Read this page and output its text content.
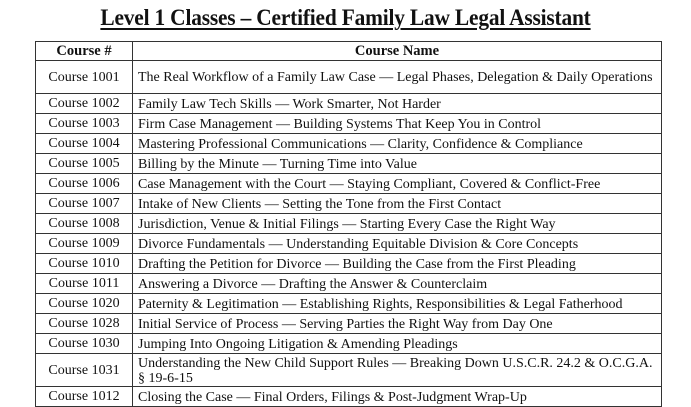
Level 1 Classes – Certified Family Law Legal Assistant
Course #	Course Name
Course 1001	The Real Workflow of a Family Law Case — Legal Phases, Delegation & Daily Operations
Course 1002	Family Law Tech Skills — Work Smarter, Not Harder
Course 1003	Firm Case Management — Building Systems That Keep You in Control
Course 1004	Mastering Professional Communications — Clarity, Confidence & Compliance
Course 1005	Billing by the Minute — Turning Time into Value
Course 1006	Case Management with the Court — Staying Compliant, Covered & Conflict-Free
Course 1007	Intake of New Clients — Setting the Tone from the First Contact
Course 1008	Jurisdiction, Venue & Initial Filings — Starting Every Case the Right Way
Course 1009	Divorce Fundamentals — Understanding Equitable Division & Core Concepts
Course 1010	Drafting the Petition for Divorce — Building the Case from the First Pleading
Course 1011	Answering a Divorce — Drafting the Answer & Counterclaim
Course 1020	Paternity & Legitimation — Establishing Rights, Responsibilities & Legal Fatherhood
Course 1028	Initial Service of Process — Serving Parties the Right Way from Day One
Course 1030	Jumping Into Ongoing Litigation & Amending Pleadings
Course 1031	Understanding the New Child Support Rules — Breaking Down U.S.C.R. 24.2 & O.C.G.A. § 19-6-15
Course 1012	Closing the Case — Final Orders, Filings & Post-Judgment Wrap-Up
